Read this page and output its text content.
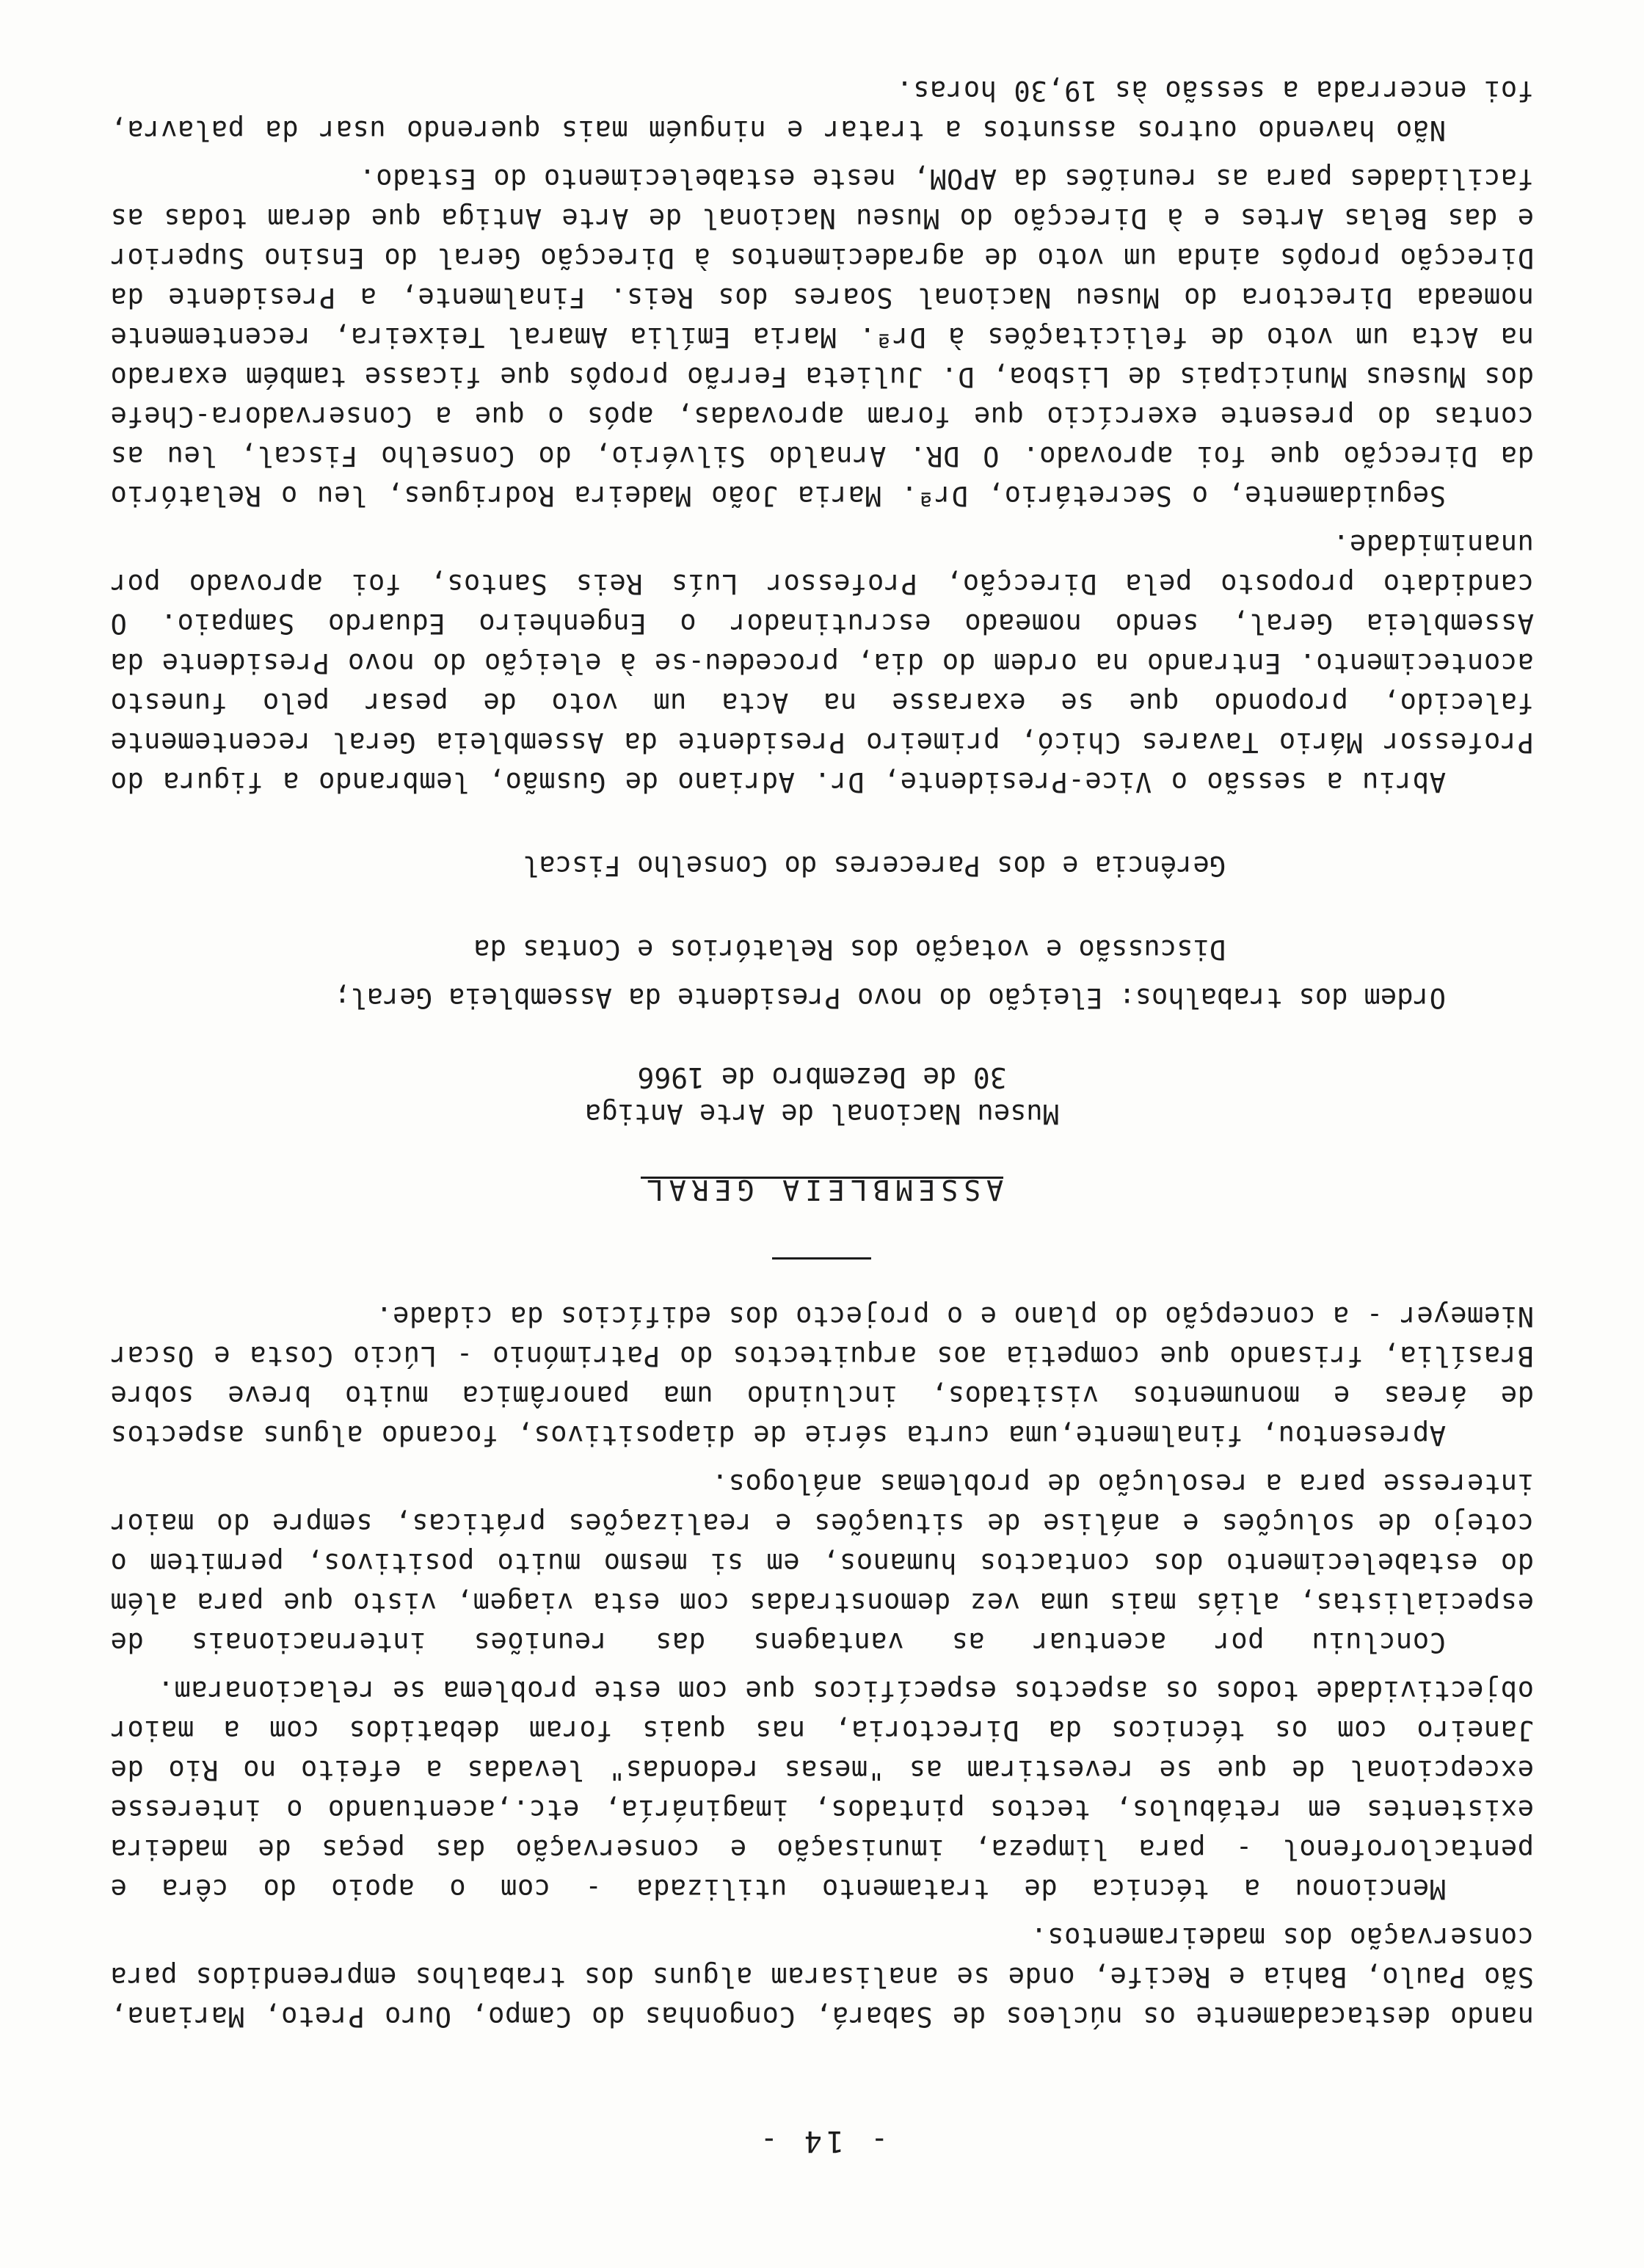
- 14 -

nando destacadamente os núcleos de Sabará, Congonhas do Campo, Ouro Preto, Mariana, São Paulo, Bahia e Recife, onde se analisaram alguns dos trabalhos empreendidos para conservação dos madeiramentos.

Mencionou a técnica de tratamento utilizada - com o apoio do cêra e pentaclorofenol - para limpeza, imunisação e conservação das peças de madeira existentes em retábulos, tectos pintados, imagináría, etc.,acentuando o interesse excepcional de que se revestiram as "mesas redondas" levadas a efeito no Rio de Janeiro com os técnicos da Directoria, nas quais foram debatidos com a maior objectividade todos os aspectos específicos que com este problema se relacionaram.

Concluiu por acentuar as vantagens das reuniões internacionais de especialistas, aliás mais uma vez demonstradas com esta viagem, visto que para além do estabelecimento dos contactos humanos, em si mesmo muito positivos, permitem o cotejo de soluções e análise de situações e realizações práticas, sempre do maior interesse para a resolução de problemas análogos.

Apresentou, finalmente,uma curta série de diapositivos, focando alguns aspectos de áreas e monumentos visitados, incluindo uma panorâmica muito breve sobre Brasília, frisando que competia aos arquitectos do Património - Lúcio Costa e Oscar Niemeyer - a concepção do plano e o projecto dos edifícios da cidade.

ASSEMBLEIA GERAL
Museu Nacional de Arte Antiga
30 de Dezembro de 1966

Ordem dos trabalhos: Eleição do novo Presidente da Assembleia Geral;

Discussão e votação dos Relatórios e Contas da

Gerência e dos Pareceres do Conselho Fiscal

Abriu a sessão o Vice-Presidente, Dr. Adriano de Gusmão, lembrando a figura do Professor Mário Tavares Chicó, primeiro Presidente da Assembleia Geral recentemente falecido, propondo que se exarasse na Acta um voto de pesar pelo funesto acontecimento. Entrando na ordem do dia, procedeu-se à eleição do novo Presidente da Assembleia Geral, sendo nomeado escrutinador o Engenheiro Eduardo Sampaio. O candidato proposto pela Direcção, Professor Luís Reis Santos, foi aprovado por unanimidade.

Seguidamente, o Secretário, Drª. Maria João Madeira Rodrigues, leu o Relatório da Direcção que foi aprovado. O DR. Arnaldo Silvério, do Conselho Fiscal, leu as contas do presente exercício que foram aprovadas, após o que a Conservadora-Chefe dos Museus Municipais de Lisboa, D. Julieta Ferrão propôs que ficasse também exarado na Acta um voto de felicitações à Drª. Maria Emília Amaral Teixeira, recentemente nomeada Directora do Museu Nacional Soares dos Reis. Finalmente, a Presidente da Direcção propôs ainda um voto de agradecimentos à Direcção Geral do Ensino Superior e das Belas Artes e à Direcção do Museu Nacional de Arte Antiga que deram todas as facilidades para as reuniões da APOM, neste estabelecimento do Estado.

Não havendo outros assuntos a tratar e ninguém mais querendo usar da palavra, foi encerrada a sessão às 19,30 horas.
